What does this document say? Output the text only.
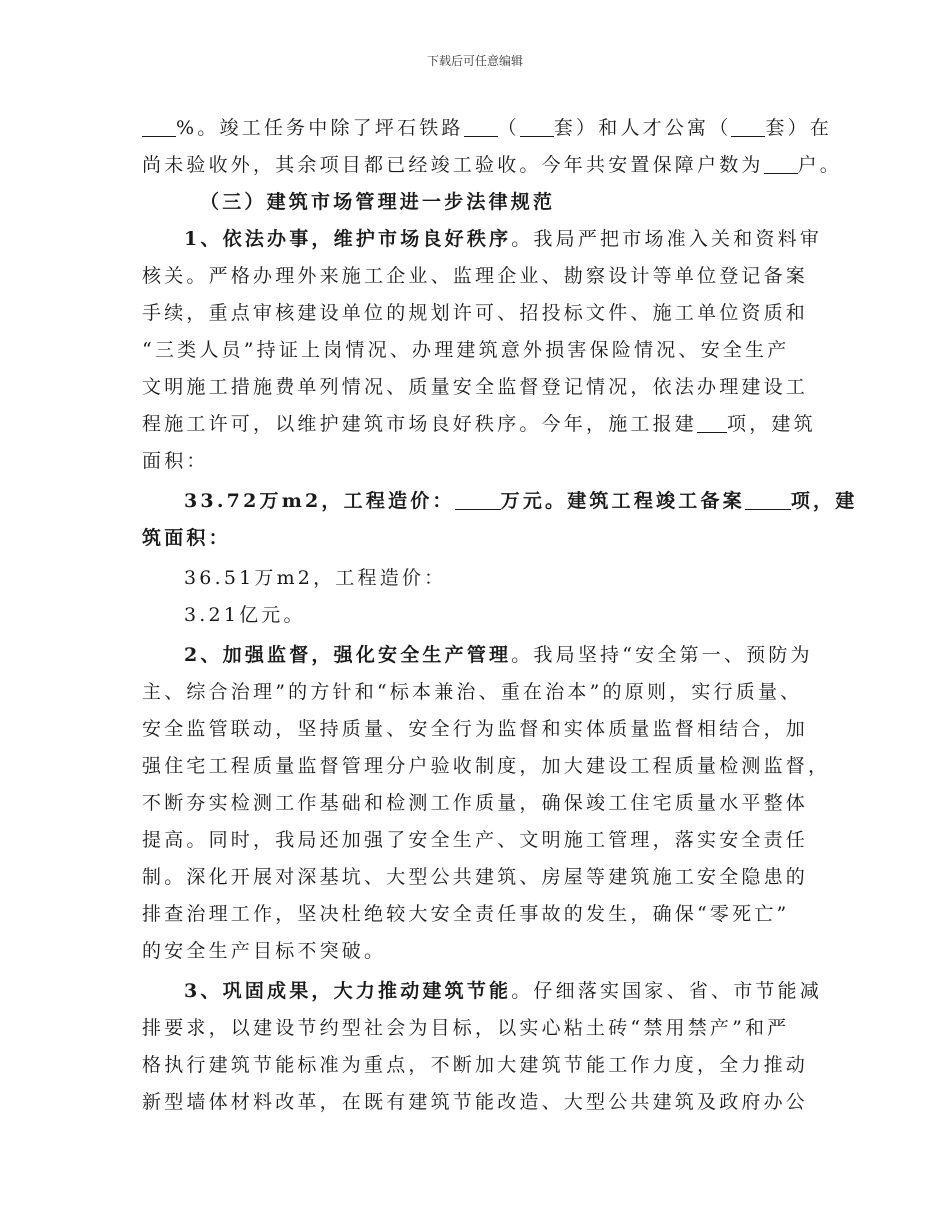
下载后可任意编辑
%。竣工任务中除了坪石铁路 （ 套）和人才公寓（ 套）在
尚未验收外，其余项目都已经竣工验收。今年共安置保障户数为 户。
（三）建筑市场管理进一步法律规范
1、依法办事，维护市场良好秩序。我局严把市场准入关和资料审
核关。严格办理外来施工企业、监理企业、勘察设计等单位登记备案
手续，重点审核建设单位的规划许可、招投标文件、施工单位资质和
“三类人员”持证上岗情况、办理建筑意外损害保险情况、安全生产
文明施工措施费单列情况、质量安全监督登记情况，依法办理建设工
程施工许可，以维护建筑市场良好秩序。今年，施工报建 项，建筑
面积：
33.72万m2，工程造价： 万元。建筑工程竣工备案 项，建
筑面积：
36.51万m2，工程造价：
3.21亿元。
2、加强监督，强化安全生产管理。我局坚持“安全第一、预防为
主、综合治理”的方针和“标本兼治、重在治本”的原则，实行质量、
安全监管联动，坚持质量、安全行为监督和实体质量监督相结合，加
强住宅工程质量监督管理分户验收制度，加大建设工程质量检测监督，
不断夯实检测工作基础和检测工作质量，确保竣工住宅质量水平整体
提高。同时，我局还加强了安全生产、文明施工管理，落实安全责任
制。深化开展对深基坑、大型公共建筑、房屋等建筑施工安全隐患的
排查治理工作，坚决杜绝较大安全责任事故的发生，确保“零死亡”
的安全生产目标不突破。
3、巩固成果，大力推动建筑节能。仔细落实国家、省、市节能减
排要求，以建设节约型社会为目标，以实心粘土砖“禁用禁产”和严
格执行建筑节能标准为重点，不断加大建筑节能工作力度，全力推动
新型墙体材料改革，在既有建筑节能改造、大型公共建筑及政府办公
